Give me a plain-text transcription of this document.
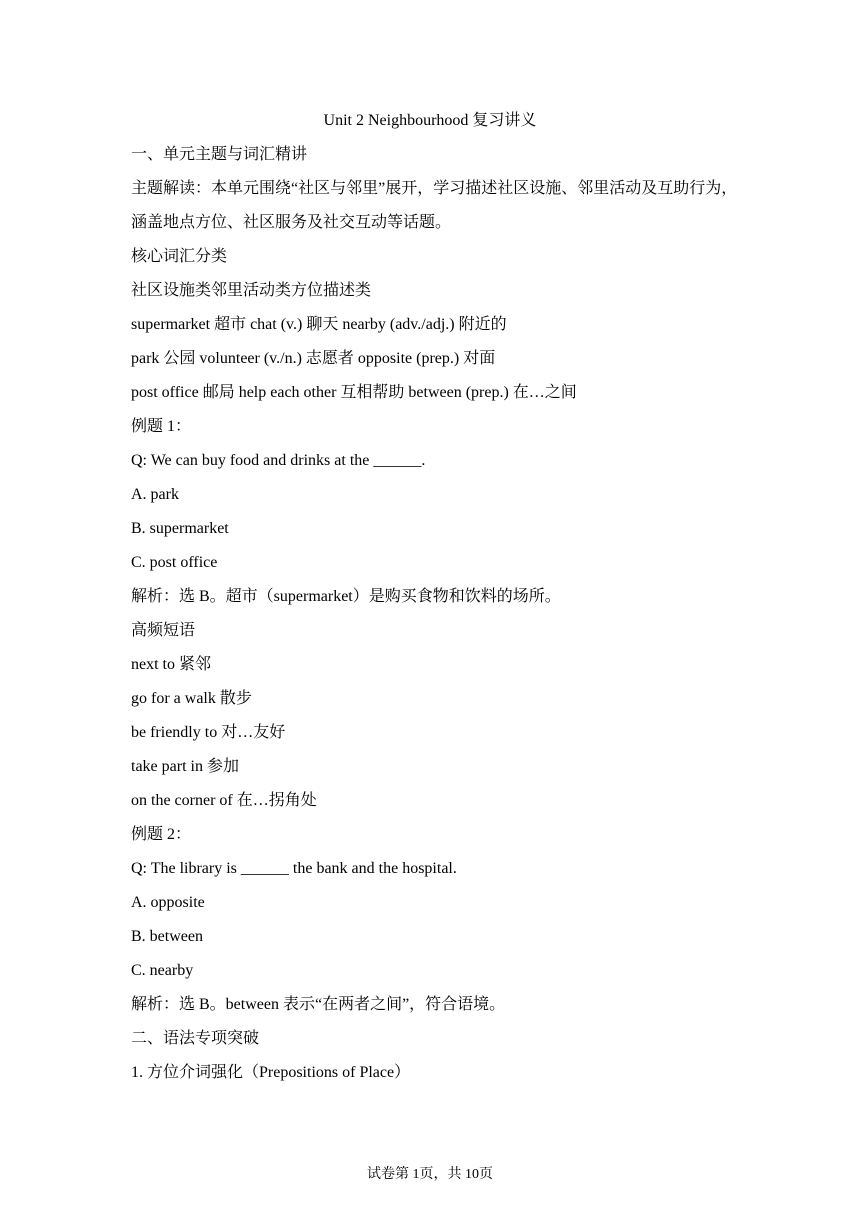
Unit 2 Neighbourhood 复习讲义
一、单元主题与词汇精讲
主题解读：本单元围绕“社区与邻里”展开，学习描述社区设施、邻里活动及互助行为，涵盖地点方位、社区服务及社交互动等话题。
核心词汇分类
社区设施类邻里活动类方位描述类
supermarket 超市 chat (v.) 聊天 nearby (adv./adj.) 附近的
park 公园 volunteer (v./n.) 志愿者 opposite (prep.) 对面
post office 邮局 help each other 互相帮助 between (prep.) 在…之间
例题 1：
Q: We can buy food and drinks at the ______.
A. park
B. supermarket
C. post office
解析：选 B。超市（supermarket）是购买食物和饮料的场所。
高频短语
next to 紧邻
go for a walk 散步
be friendly to 对…友好
take part in 参加
on the corner of 在…拐角处
例题 2：
Q: The library is ______ the bank and the hospital.
A. opposite
B. between
C. nearby
解析：选 B。between 表示“在两者之间”，符合语境。
二、语法专项突破
1. 方位介词强化（Prepositions of Place）
试卷第 1页，共 10页
